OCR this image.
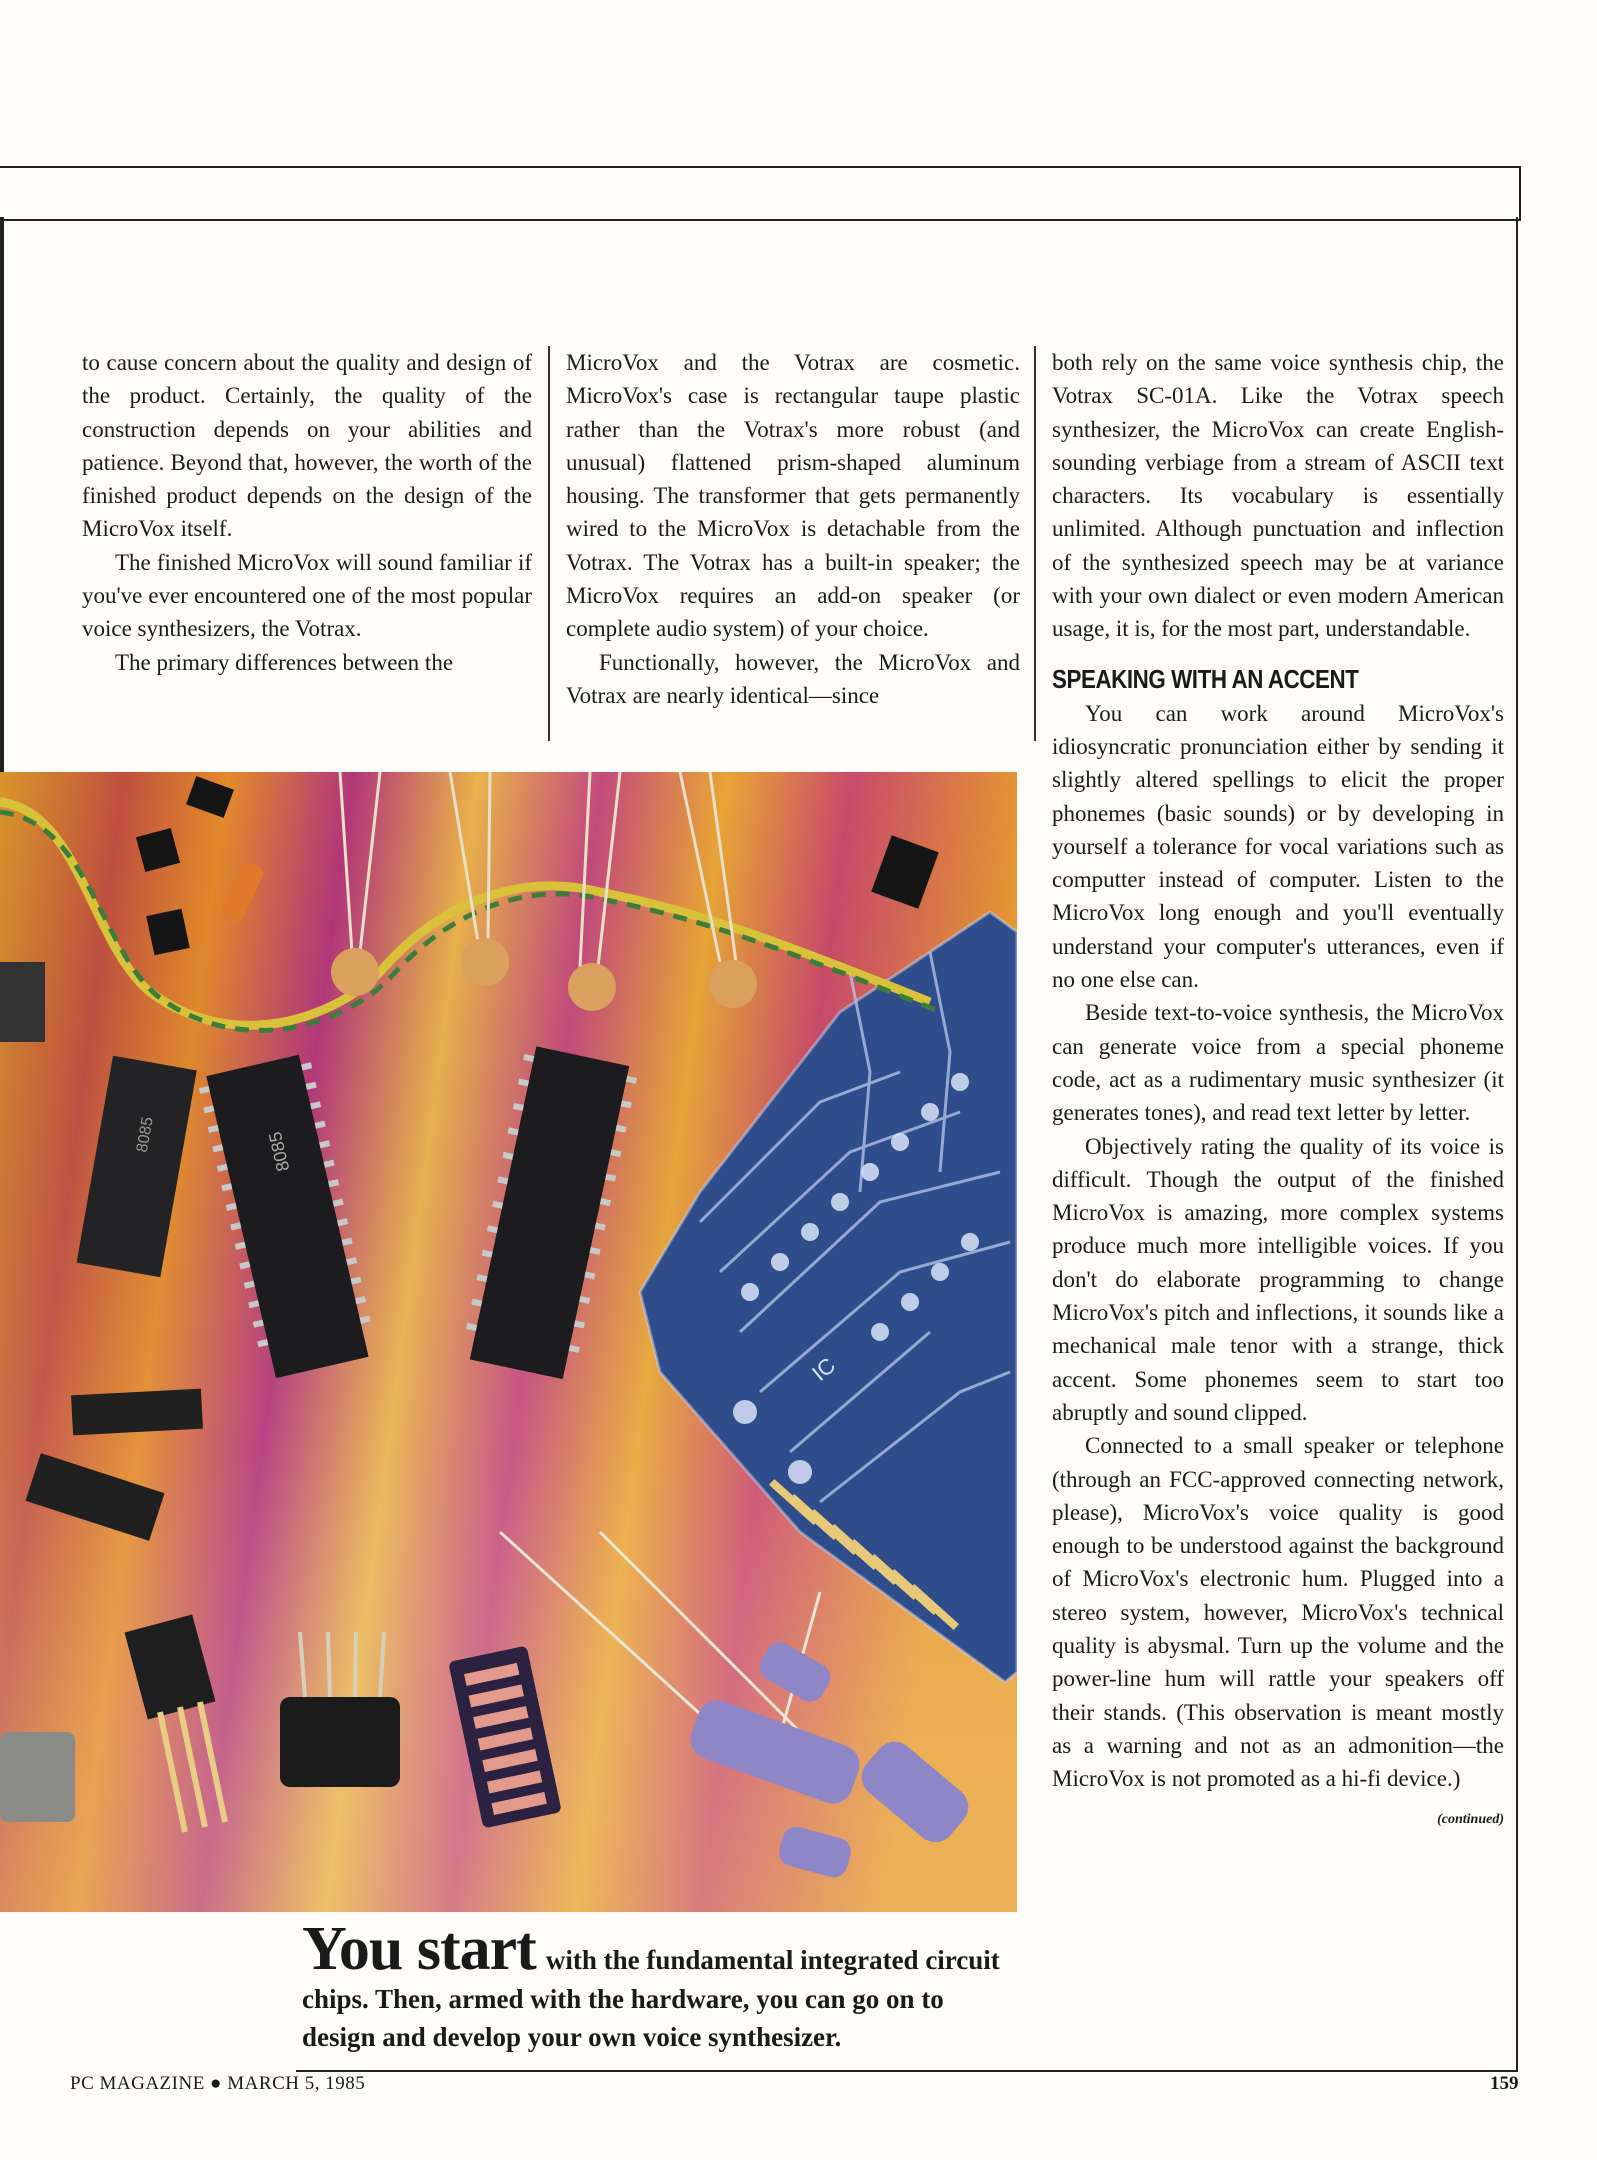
to cause concern about the quality and design of the product. Certainly, the quality of the construction depends on your abilities and patience. Beyond that, however, the worth of the finished product depends on the design of the MicroVox itself.

The finished MicroVox will sound familiar if you've ever encountered one of the most popular voice synthesizers, the Votrax.

The primary differences between the

MicroVox and the Votrax are cosmetic. MicroVox's case is rectangular taupe plastic rather than the Votrax's more robust (and unusual) flattened prism-shaped aluminum housing. The transformer that gets permanently wired to the MicroVox is detachable from the Votrax. The Votrax has a built-in speaker; the MicroVox requires an add-on speaker (or complete audio system) of your choice.

Functionally, however, the MicroVox and Votrax are nearly identical—since

both rely on the same voice synthesis chip, the Votrax SC-01A. Like the Votrax speech synthesizer, the MicroVox can create English-sounding verbiage from a stream of ASCII text characters. Its vocabulary is essentially unlimited. Although punctuation and inflection of the synthesized speech may be at variance with your own dialect or even modern American usage, it is, for the most part, understandable.

SPEAKING WITH AN ACCENT

You can work around MicroVox's idiosyncratic pronunciation either by sending it slightly altered spellings to elicit the proper phonemes (basic sounds) or by developing in yourself a tolerance for vocal variations such as computter instead of computer. Listen to the MicroVox long enough and you'll eventually understand your computer's utterances, even if no one else can.

Beside text-to-voice synthesis, the MicroVox can generate voice from a special phoneme code, act as a rudimentary music synthesizer (it generates tones), and read text letter by letter.

Objectively rating the quality of its voice is difficult. Though the output of the finished MicroVox is amazing, more complex systems produce much more intelligible voices. If you don't do elaborate programming to change MicroVox's pitch and inflections, it sounds like a mechanical male tenor with a strange, thick accent. Some phonemes seem to start too abruptly and sound clipped.

Connected to a small speaker or telephone (through an FCC-approved connecting network, please), MicroVox's voice quality is good enough to be understood against the background of MicroVox's electronic hum. Plugged into a stereo system, however, MicroVox's technical quality is abysmal. Turn up the volume and the power-line hum will rattle your speakers off their stands. (This observation is meant mostly as a warning and not as an admonition—the MicroVox is not promoted as a hi-fi device.)

(continued)

IC
8085
8085
You start with the fundamental integrated circuit chips. Then, armed with the hardware, you can go on to design and develop your own voice synthesizer.
PC MAGAZINE ● MARCH 5, 1985	159
